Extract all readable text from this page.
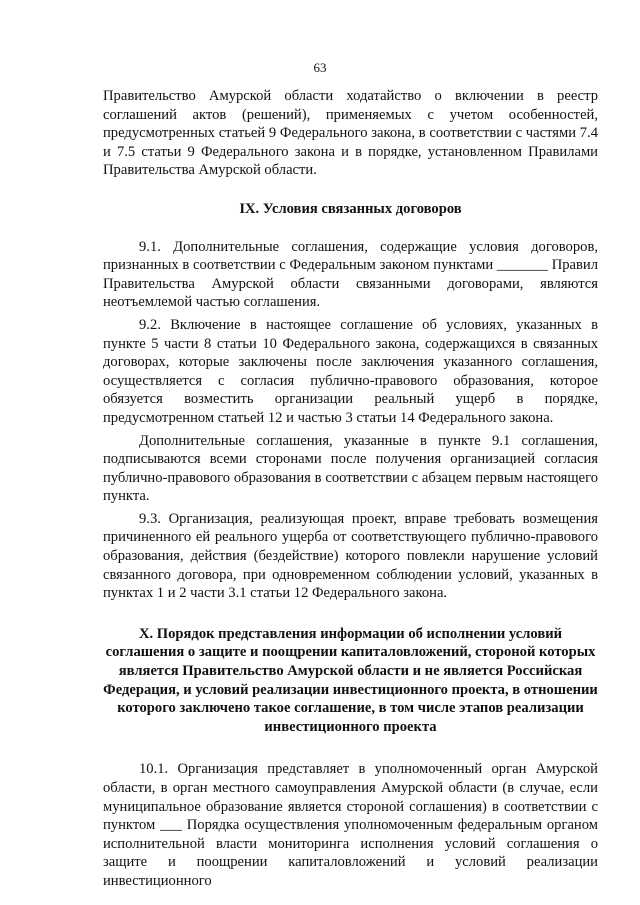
63

Правительство Амурской области ходатайство о включении в реестр соглашений актов (решений), применяемых с учетом особенностей, предусмотренных статьей 9 Федерального закона, в соответствии с частями 7.4 и 7.5 статьи 9 Федерального закона и в порядке, установленном Правилами Правительства Амурской области.

IX. Условия связанных договоров

9.1. Дополнительные соглашения, содержащие условия договоров, признанных в соответствии с Федеральным законом пунктами _______ Правил Правительства Амурской области связанными договорами, являются неотъемлемой частью соглашения.

9.2. Включение в настоящее соглашение об условиях, указанных в пункте 5 части 8 статьи 10 Федерального закона, содержащихся в связанных договорах, которые заключены после заключения указанного соглашения, осуществляется с согласия публично-правового образования, которое обязуется возместить организации реальный ущерб в порядке, предусмотренном статьей 12 и частью 3 статьи 14 Федерального закона.

Дополнительные соглашения, указанные в пункте 9.1 соглашения, подписываются всеми сторонами после получения организацией согласия публично-правового образования в соответствии с абзацем первым настоящего пункта.

9.3. Организация, реализующая проект, вправе требовать возмещения причиненного ей реального ущерба от соответствующего публично-правового образования, действия (бездействие) которого повлекли нарушение условий связанного договора, при одновременном соблюдении условий, указанных в пунктах 1 и 2 части 3.1 статьи 12 Федерального закона.

X. Порядок представления информации об исполнении условий соглашения о защите и поощрении капиталовложений, стороной которых является Правительство Амурской области и не является Российская Федерация, и условий реализации инвестиционного проекта, в отношении которого заключено такое соглашение, в том числе этапов реализации инвестиционного проекта

10.1. Организация представляет в уполномоченный орган Амурской области, в орган местного самоуправления Амурской области (в случае, если муниципальное образование является стороной соглашения) в соответствии с пунктом ___ Порядка осуществления уполномоченным федеральным органом исполнительной власти мониторинга исполнения условий соглашения о защите и поощрении капиталовложений и условий реализации инвестиционного
